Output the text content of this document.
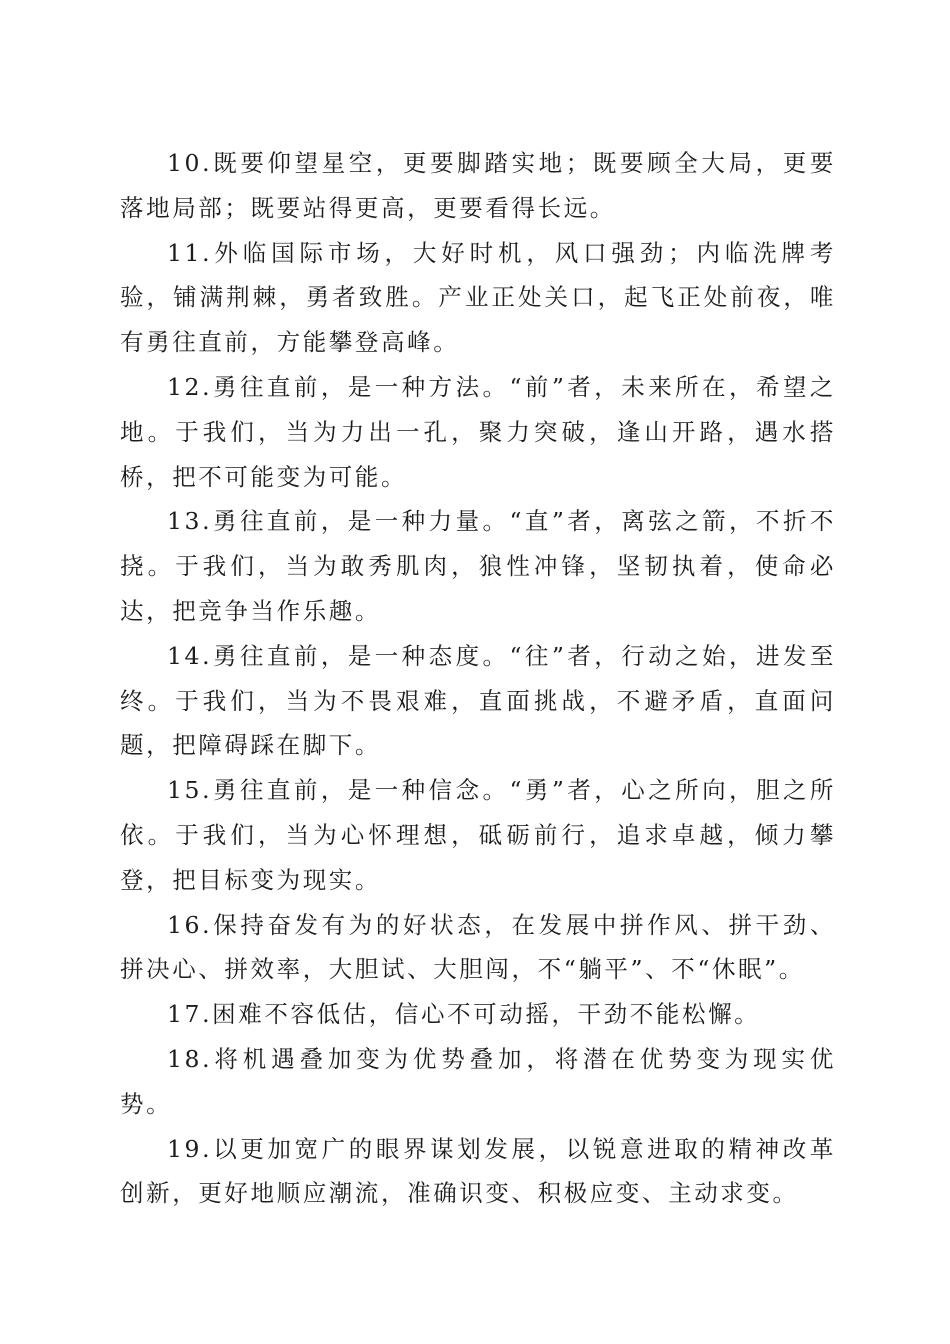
10.既要仰望星空，更要脚踏实地；既要顾全大局，更要落地局部；既要站得更高，更要看得长远。

11.外临国际市场，大好时机，风口强劲；内临洗牌考验，铺满荆棘，勇者致胜。产业正处关口，起飞正处前夜，唯有勇往直前，方能攀登高峰。

12.勇往直前，是一种方法。“前”者，未来所在，希望之地。于我们，当为力出一孔，聚力突破，逢山开路，遇水搭桥，把不可能变为可能。

13.勇往直前，是一种力量。“直”者，离弦之箭，不折不挠。于我们，当为敢秀肌肉，狼性冲锋，坚韧执着，使命必达，把竞争当作乐趣。

14.勇往直前，是一种态度。“往”者，行动之始，进发至终。于我们，当为不畏艰难，直面挑战，不避矛盾，直面问题，把障碍踩在脚下。

15.勇往直前，是一种信念。“勇”者，心之所向，胆之所依。于我们，当为心怀理想，砥砺前行，追求卓越，倾力攀登，把目标变为现实。

16.保持奋发有为的好状态，在发展中拼作风、拼干劲、拼决心、拼效率，大胆试、大胆闯，不“躺平”、不“休眠”。

17.困难不容低估，信心不可动摇，干劲不能松懈。

18.将机遇叠加变为优势叠加，将潜在优势变为现实优势。

19.以更加宽广的眼界谋划发展，以锐意进取的精神改革创新，更好地顺应潮流，准确识变、积极应变、主动求变。
